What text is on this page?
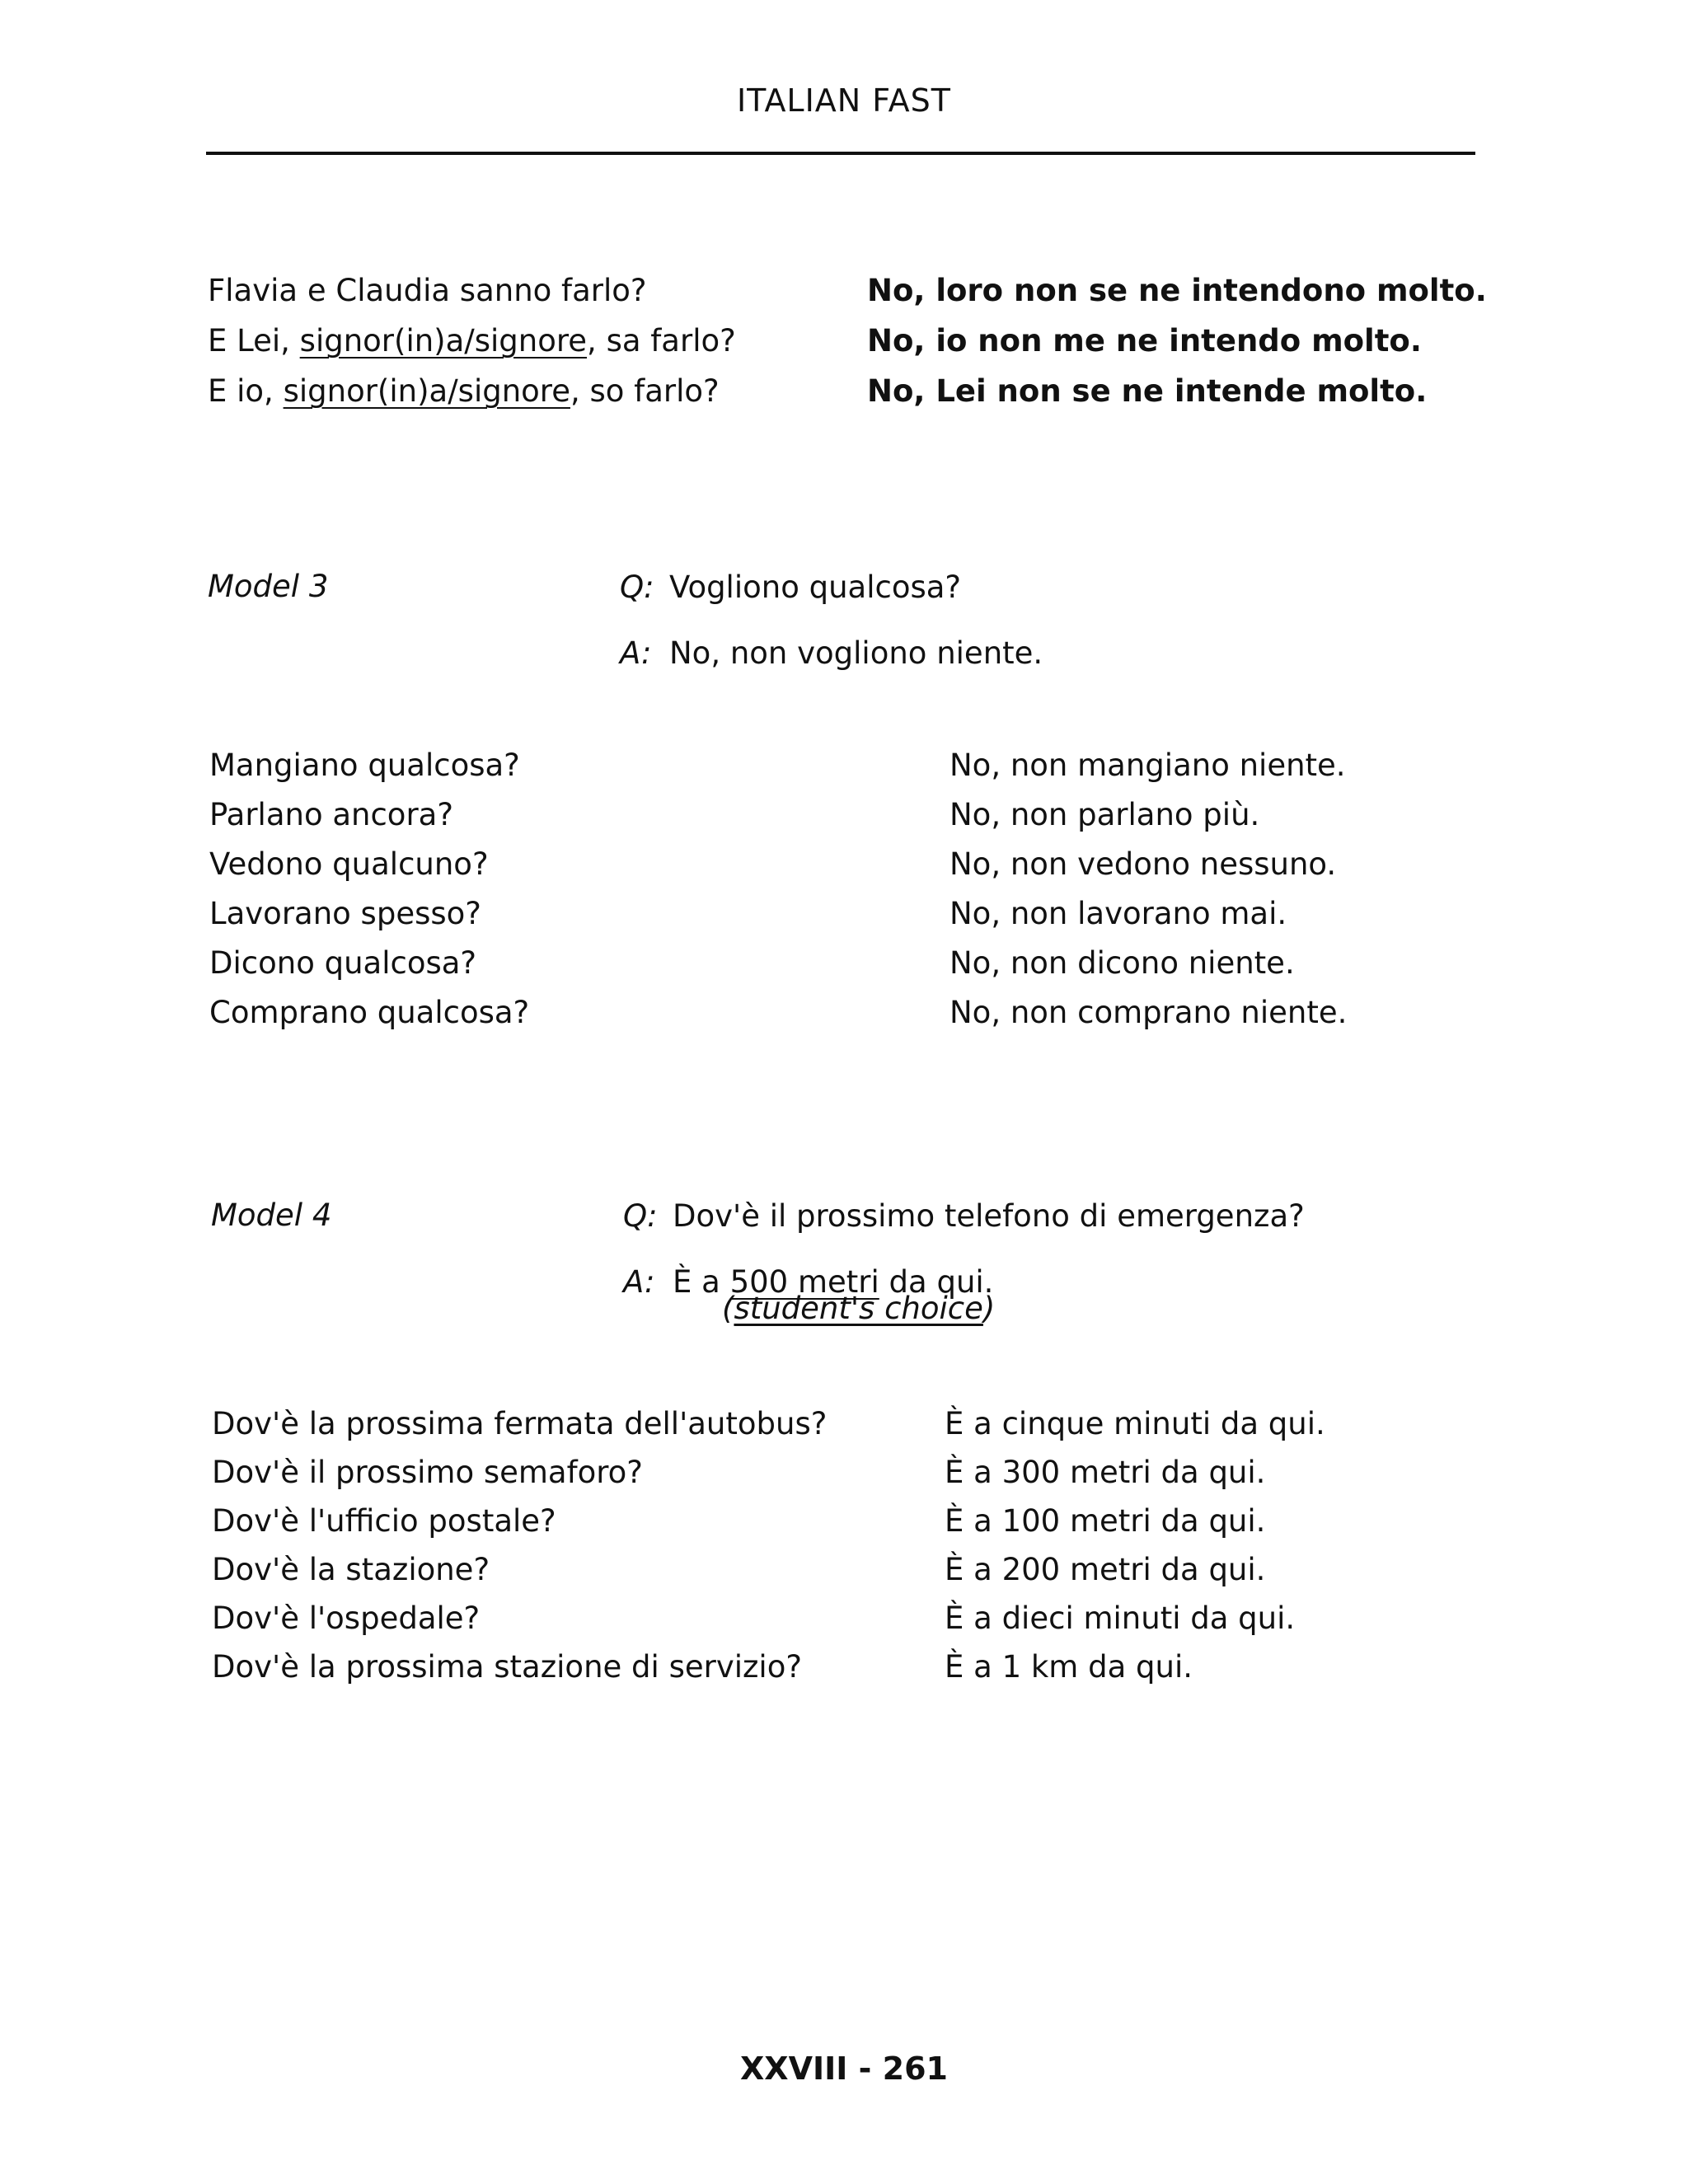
ITALIAN FAST
Flavia e Claudia sanno farlo?
E Lei, signor(in)a/signore, sa farlo?
E io, signor(in)a/signore, so farlo?
No, loro non se ne intendono molto.
No, io non me ne intendo molto.
No, Lei non se ne intende molto.
Model 3	Q: Vogliono qualcosa?
A: No, non vogliono niente.
Mangiano qualcosa?
Parlano ancora?
Vedono qualcuno?
Lavorano spesso?
Dicono qualcosa?
Comprano qualcosa?
No, non mangiano niente.
No, non parlano più.
No, non vedono nessuno.
No, non lavorano mai.
No, non dicono niente.
No, non comprano niente.
Model 4	Q: Dov'è il prossimo telefono di emergenza?
A: È a 500 metri da qui.
(student's choice)
Dov'è la prossima fermata dell'autobus?
Dov'è il prossimo semaforo?
Dov'è l'ufficio postale?
Dov'è la stazione?
Dov'è l'ospedale?
Dov'è la prossima stazione di servizio?
È a cinque minuti da qui.
È a 300 metri da qui.
È a 100 metri da qui.
È a 200 metri da qui.
È a dieci minuti da qui.
È a 1 km da qui.
XXVIII - 261
